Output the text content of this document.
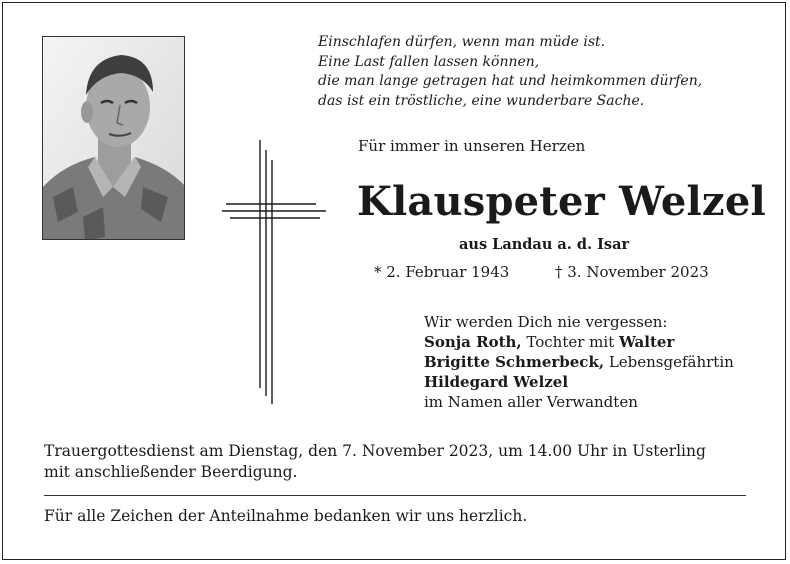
Einschlafen dürfen, wenn man müde ist.
Eine Last fallen lassen können,
die man lange getragen hat und heimkommen dürfen,
das ist ein tröstliche, eine wunderbare Sache.
Für immer in unseren Herzen
Klauspeter Welzel
aus Landau a. d. Isar
* 2. Februar 1943	† 3. November 2023
Wir werden Dich nie vergessen:
Sonja Roth, Tochter mit Walter
Brigitte Schmerbeck, Lebensgefährtin
Hildegard Welzel
im Namen aller Verwandten
Trauergottesdienst am Dienstag, den 7. November 2023, um 14.00 Uhr in Usterling
mit anschließender Beerdigung.
Für alle Zeichen der Anteilnahme bedanken wir uns herzlich.
